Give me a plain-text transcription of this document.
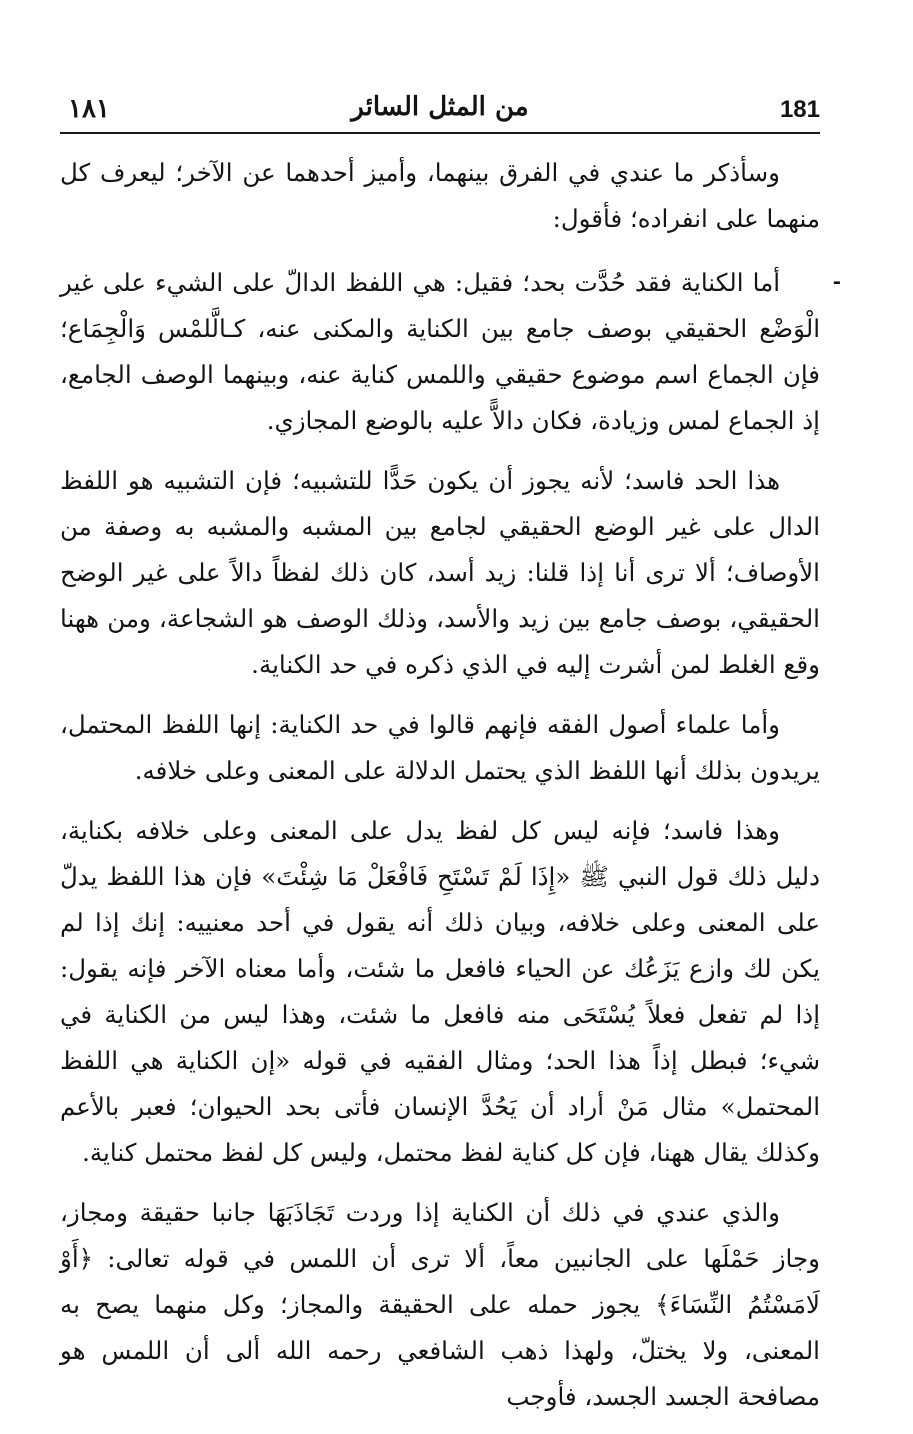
١٨١	من المثل السائر	181
-

وسأذكر ما عندي في الفرق بينهما، وأميز أحدهما عن الآخر؛ ليعرف كل منهما على انفراده؛ فأقول:

أما الكناية فقد حُدَّت بحد؛ فقيل: هي اللفظ الدالّ على الشيء على غير الْوَضْع الحقيقي بوصف جامع بين الكناية والمكنى عنه، كـالَّلمْس وَالْجِمَاع؛ فإن الجماع اسم موضوع حقيقي واللمس كناية عنه، وبينهما الوصف الجامع، إذ الجماع لمس وزيادة، فكان دالاًّ عليه بالوضع المجازي.

هذا الحد فاسد؛ لأنه يجوز أن يكون حَدًّا للتشبيه؛ فإن التشبيه هو اللفظ الدال على غير الوضع الحقيقي لجامع بين المشبه والمشبه به وصفة من الأوصاف؛ ألا ترى أنا إذا قلنا: زيد أسد، كان ذلك لفظاً دالاً على غير الوضح الحقيقي، بوصف جامع بين زيد والأسد، وذلك الوصف هو الشجاعة، ومن ههنا وقع الغلط لمن أشرت إليه في الذي ذكره في حد الكناية.

وأما علماء أصول الفقه فإنهم قالوا في حد الكناية: إنها اللفظ المحتمل، يريدون بذلك أنها اللفظ الذي يحتمل الدلالة على المعنى وعلى خلافه.

وهذا فاسد؛ فإنه ليس كل لفظ يدل على المعنى وعلى خلافه بكناية، دليل ذلك قول النبي ﷺ «إِذَا لَمْ تَسْتَحِ فَافْعَلْ مَا شِئْتَ» فإن هذا اللفظ يدلّ على المعنى وعلى خلافه، وبيان ذلك أنه يقول في أحد معنييه: إنك إذا لم يكن لك وازع يَزَعُك عن الحياء فافعل ما شئت، وأما معناه الآخر فإنه يقول: إذا لم تفعل فعلاً يُسْتَحَى منه فافعل ما شئت، وهذا ليس من الكناية في شيء؛ فبطل إذاً هذا الحد؛ ومثال الفقيه في قوله «إن الكناية هي اللفظ المحتمل» مثال مَنْ أراد أن يَحُدَّ الإنسان فأتى بحد الحيوان؛ فعبر بالأعم وكذلك يقال ههنا، فإن كل كناية لفظ محتمل، وليس كل لفظ محتمل كناية.

والذي عندي في ذلك أن الكناية إذا وردت تَجَاذَبَهَا جانبا حقيقة ومجاز، وجاز حَمْلَها على الجانبين معاً، ألا ترى أن اللمس في قوله تعالى: ﴿أَوْ لَامَسْتُمُ النِّسَاءَ﴾ يجوز حمله على الحقيقة والمجاز؛ وكل منهما يصح به المعنى، ولا يختلّ، ولهذا ذهب الشافعي رحمه الله ألى أن اللمس هو مصافحة الجسد الجسد، فأوجب
